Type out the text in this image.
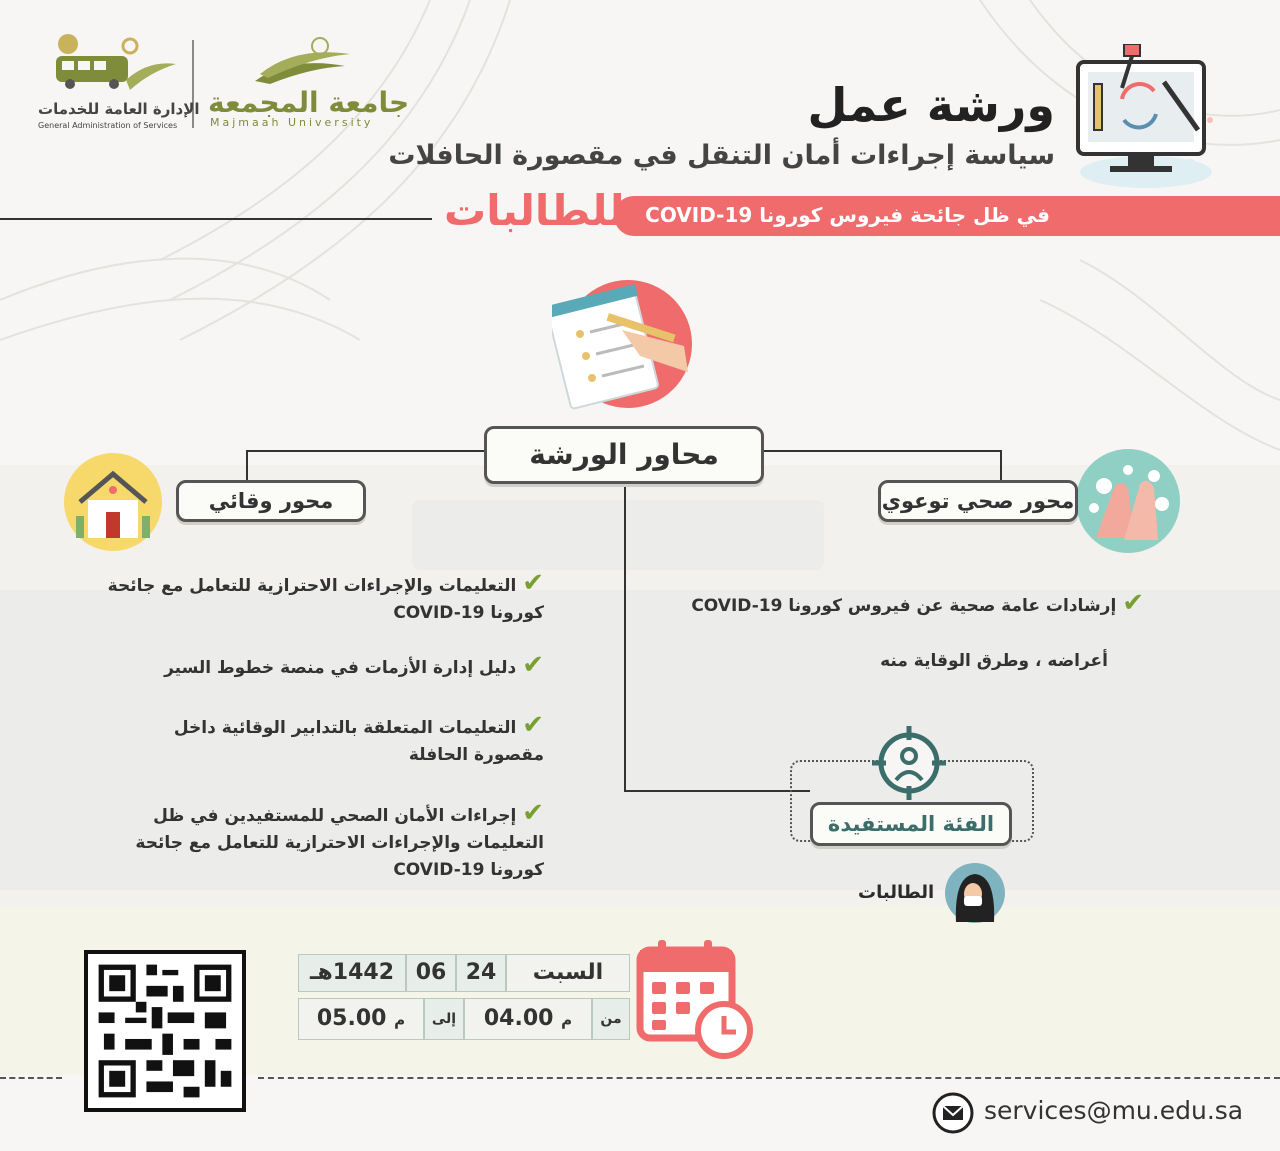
جامعة المجمعة
Majmaah University
الإدارة العامة للخدمات
General Administration of Services	ورشة عمل
سياسة إجراءات أمان التنقل في مقصورة الحافلات
في ظل جائحة فيروس كورونا COVID-19
للطالبات
محاور الورشة
محور وقائي
✔ التعليمات والإجراءات الاحترازية للتعامل مع جائحة كورونا COVID-19
✔ دليل إدارة الأزمات في منصة خطوط السير
✔ التعليمات المتعلقة بالتدابير الوقائية داخل مقصورة الحافلة
✔ إجراءات الأمان الصحي للمستفيدين في ظل التعليمات والإجراءات الاحترازية للتعامل مع جائحة كورونا COVID-19
محور صحي توعوي
✔ إرشادات عامة صحية عن فيروس كورونا COVID-19
أعراضه ، وطرق الوقاية منه
الفئة المستفيدة
الطالبات
السبت
24
06
1442هـ
من
م 04.00
إلى
م 05.00
services@mu.edu.sa
